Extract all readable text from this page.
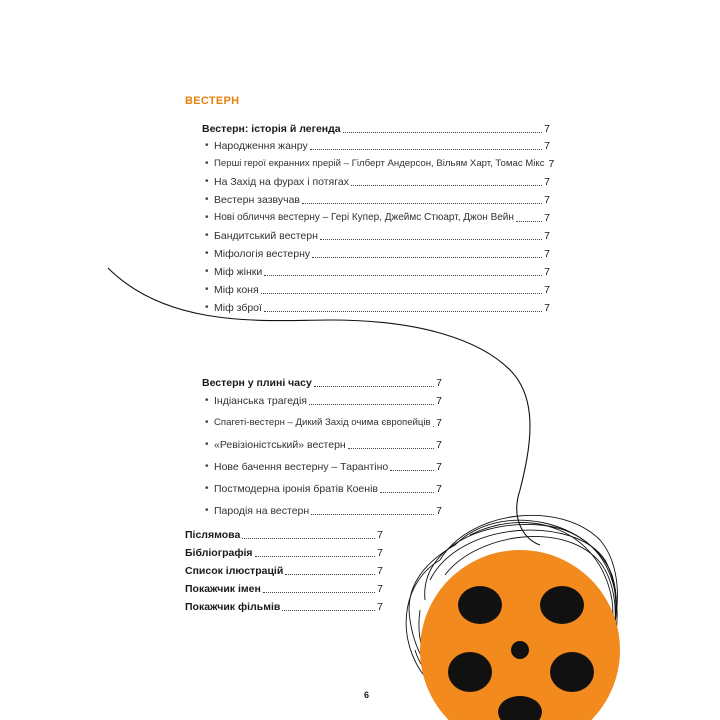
ВЕСТЕРН
Вестерн: історія й легенда	7
• Народження жанру	7
• Перші герої екранних прерій – Гілберт Андерсон, Вільям Харт, Томас Мікс 7
• На Захід на фурах і потягах	7
• Вестерн зазвучав	7
• Нові обличчя вестерну – Гері Купер, Джеймс Стюарт, Джон Вейн	7
• Бандитський вестерн	7
• Міфологія вестерну	7
• Міф жінки	7
• Міф коня	7
• Міф зброї	7
Вестерн у плині часу	7
• Індіанська трагедія	7
• Спагеті-вестерн – Дикий Захід очима європейців 7
• «Ревізіоністський» вестерн	7
• Нове бачення вестерну – Тарантіно	7
• Постмодерна іронія братів Коенів	7
• Пародія на вестерн	7
Післямова	7
Бібліографія	7
Список ілюстрацій	7
Покажчик імен	7
Покажчик фільмів	7
6
